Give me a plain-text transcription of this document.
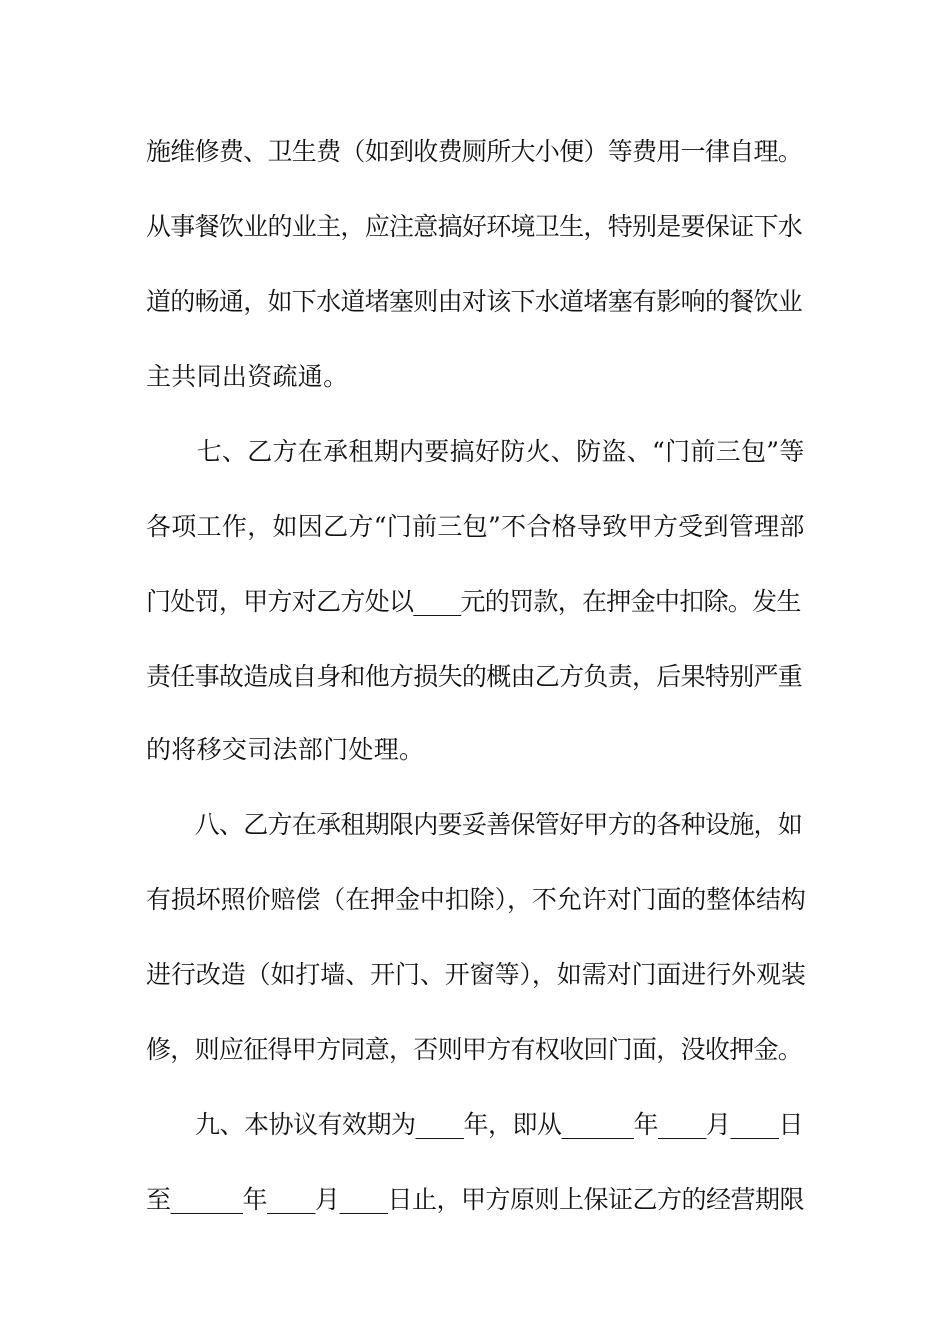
施维修费、卫生费（如到收费厕所大小便）等费用一律自理。
从事餐饮业的业主，应注意搞好环境卫生，特别是要保证下水
道的畅通，如下水道堵塞则由对该下水道堵塞有影响的餐饮业
主共同出资疏通。
　　七、乙方在承租期内要搞好防火、防盗、“门前三包”等
各项工作，如因乙方“门前三包”不合格导致甲方受到管理部
门处罚，甲方对乙方处以____元的罚款，在押金中扣除。发生
责任事故造成自身和他方损失的概由乙方负责，后果特别严重
的将移交司法部门处理。
　　八、乙方在承租期限内要妥善保管好甲方的各种设施，如
有损坏照价赔偿（在押金中扣除），不允许对门面的整体结构
进行改造（如打墙、开门、开窗等），如需对门面进行外观装
修，则应征得甲方同意，否则甲方有权收回门面，没收押金。
　　九、本协议有效期为____年，即从______年____月____日
至______年____月____日止，甲方原则上保证乙方的经营期限
